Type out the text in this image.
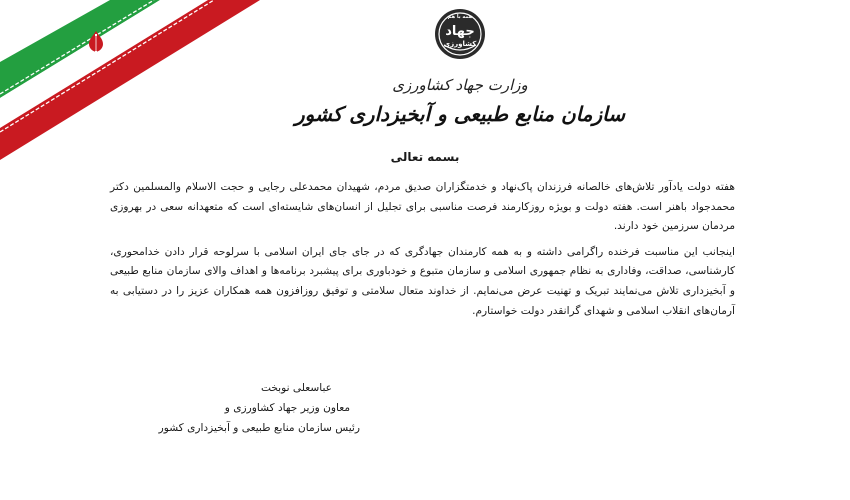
همه با هم
جهاد
کشاورزی
وزارت جهاد کشاورزی
سازمان منابع طبیعی و آبخیزداری کشور
بسمه تعالی

هفته دولت یادآور تلاش‌های خالصانه فرزندان پاک‌نهاد و خدمتگزاران صدیق مردم، شهیدان محمدعلی رجایی و حجت الاسلام والمسلمین دکتر محمدجواد باهنر است. هفته دولت و بویژه روزکارمند فرصت مناسبی برای تجلیل از انسان‌های شایسته‌ای است که متعهدانه سعی در بهروزی مردمان سرزمین خود دارند.

اینجانب این مناسبت فرخنده راگرامی داشته و به همه کارمندان جهادگری که در جای جای ایران اسلامی با سرلوحه قرار دادن خدامحوری، کارشناسی، صداقت، وفاداری به نظام جمهوری اسلامی و سازمان متبوع و خودباوری برای پیشبرد برنامه‌ها و اهداف والای سازمان منابع طبیعی و آبخیزداری تلاش می‌نمایند تبریک و تهنیت عرض می‌نمایم. از خداوند متعال سلامتی و توفیق روزافزون همه همکاران عزیز را در دستیابی به آرمان‌های انقلاب اسلامی و شهدای گرانقدر دولت خواستارم.

عباسعلی نوبخت
معاون وزیر جهاد کشاورزی و
رئیس سازمان منابع طبیعی و آبخیزداری کشور
